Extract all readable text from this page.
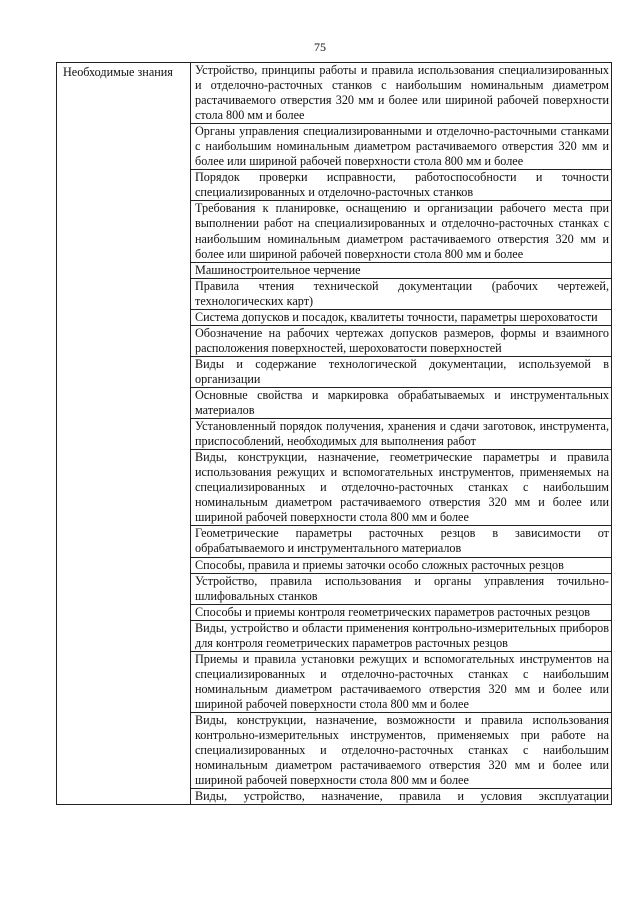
75
Необходимые знания	Устройство, принципы работы и правила использования специализированных и отделочно-расточных станков с наибольшим номинальным диаметром растачиваемого отверстия 320 мм и более или шириной рабочей поверхности стола 800 мм и более
Органы управления специализированными и отделочно-расточными станками с наибольшим номинальным диаметром растачиваемого отверстия 320 мм и более или шириной рабочей поверхности стола 800 мм и более
Порядок проверки исправности, работоспособности и точности специализированных и отделочно-расточных станков
Требования к планировке, оснащению и организации рабочего места при выполнении работ на специализированных и отделочно-расточных станках с наибольшим номинальным диаметром растачиваемого отверстия 320 мм и более или шириной рабочей поверхности стола 800 мм и более
Машиностроительное черчение
Правила чтения технической документации (рабочих чертежей, технологических карт)
Система допусков и посадок, квалитеты точности, параметры шероховатости
Обозначение на рабочих чертежах допусков размеров, формы и взаимного расположения поверхностей, шероховатости поверхностей
Виды и содержание технологической документации, используемой в организации
Основные свойства и маркировка обрабатываемых и инструментальных материалов
Установленный порядок получения, хранения и сдачи заготовок, инструмента, приспособлений, необходимых для выполнения работ
Виды, конструкции, назначение, геометрические параметры и правила использования режущих и вспомогательных инструментов, применяемых на специализированных и отделочно-расточных станках с наибольшим номинальным диаметром растачиваемого отверстия 320 мм и более или шириной рабочей поверхности стола 800 мм и более
Геометрические параметры расточных резцов в зависимости от обрабатываемого и инструментального материалов
Способы, правила и приемы заточки особо сложных расточных резцов
Устройство, правила использования и органы управления точильно-шлифовальных станков
Способы и приемы контроля геометрических параметров расточных резцов
Виды, устройство и области применения контрольно-измерительных приборов для контроля геометрических параметров расточных резцов
Приемы и правила установки режущих и вспомогательных инструментов на специализированных и отделочно-расточных станках с наибольшим номинальным диаметром растачиваемого отверстия 320 мм и более или шириной рабочей поверхности стола 800 мм и более
Виды, конструкции, назначение, возможности и правила использования контрольно-измерительных инструментов, применяемых при работе на специализированных и отделочно-расточных станках с наибольшим номинальным диаметром растачиваемого отверстия 320 мм и более или шириной рабочей поверхности стола 800 мм и более
Виды, устройство, назначение, правила и условия эксплуатации
